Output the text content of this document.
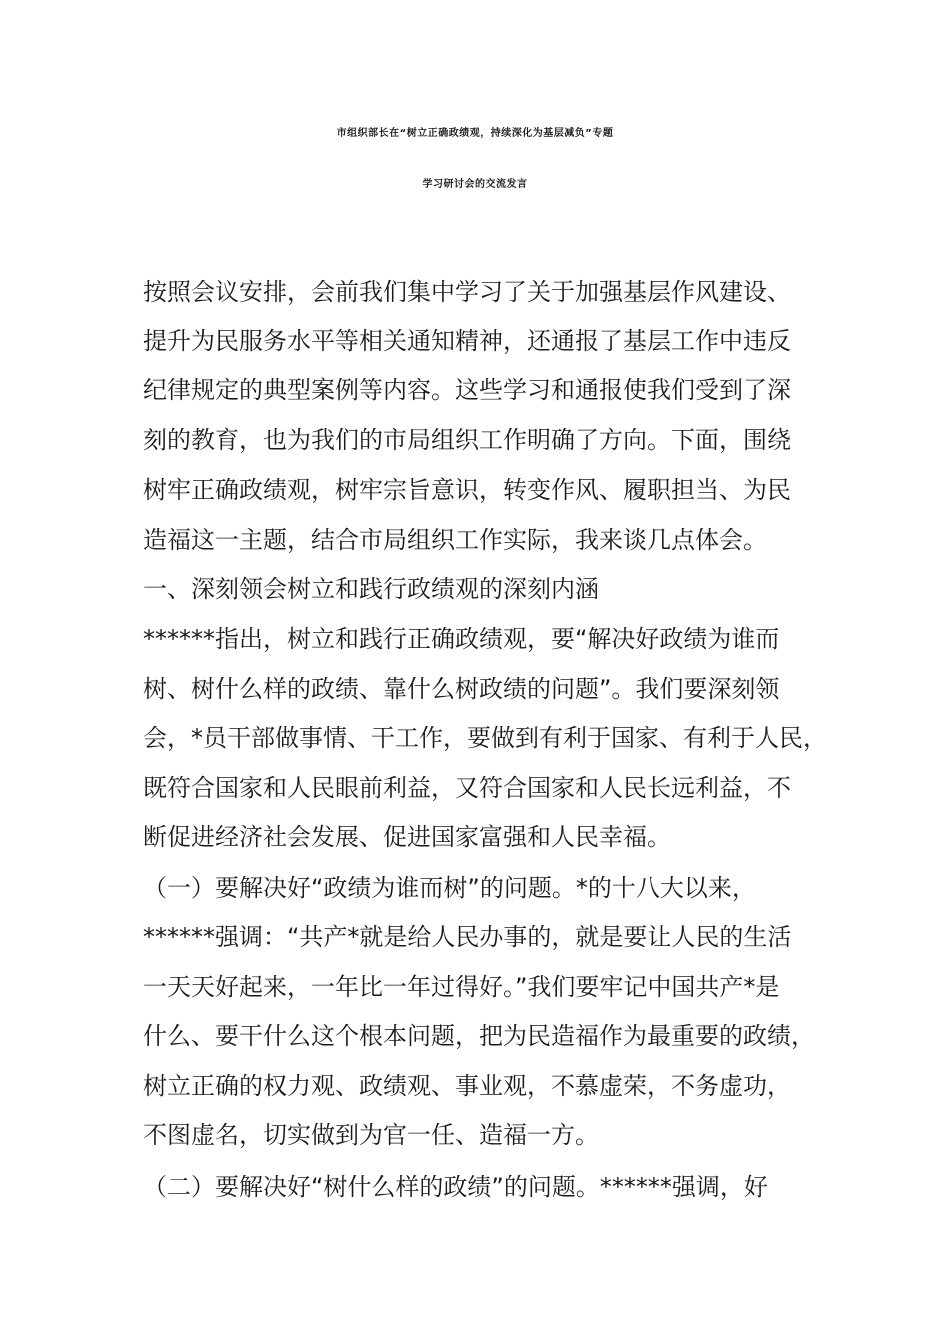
市组织部长在“树立正确政绩观，持续深化为基层减负”专题
学习研讨会的交流发言
按照会议安排，会前我们集中学习了关于加强基层作风建设、
提升为民服务水平等相关通知精神，还通报了基层工作中违反
纪律规定的典型案例等内容。这些学习和通报使我们受到了深
刻的教育，也为我们的市局组织工作明确了方向。下面，围绕
树牢正确政绩观，树牢宗旨意识，转变作风、履职担当、为民
造福这一主题，结合市局组织工作实际，我来谈几点体会。
一、深刻领会树立和践行政绩观的深刻内涵
******指出，树立和践行正确政绩观，要“解决好政绩为谁而
树、树什么样的政绩、靠什么树政绩的问题”。我们要深刻领
会，*员干部做事情、干工作，要做到有利于国家、有利于人民，
既符合国家和人民眼前利益，又符合国家和人民长远利益，不
断促进经济社会发展、促进国家富强和人民幸福。
（一）要解决好“政绩为谁而树”的问题。*的十八大以来，
******强调：“共产*就是给人民办事的，就是要让人民的生活
一天天好起来，一年比一年过得好。”我们要牢记中国共产*是
什么、要干什么这个根本问题，把为民造福作为最重要的政绩，
树立正确的权力观、政绩观、事业观，不慕虚荣，不务虚功，
不图虚名，切实做到为官一任、造福一方。
（二）要解决好“树什么样的政绩”的问题。******强调，好
